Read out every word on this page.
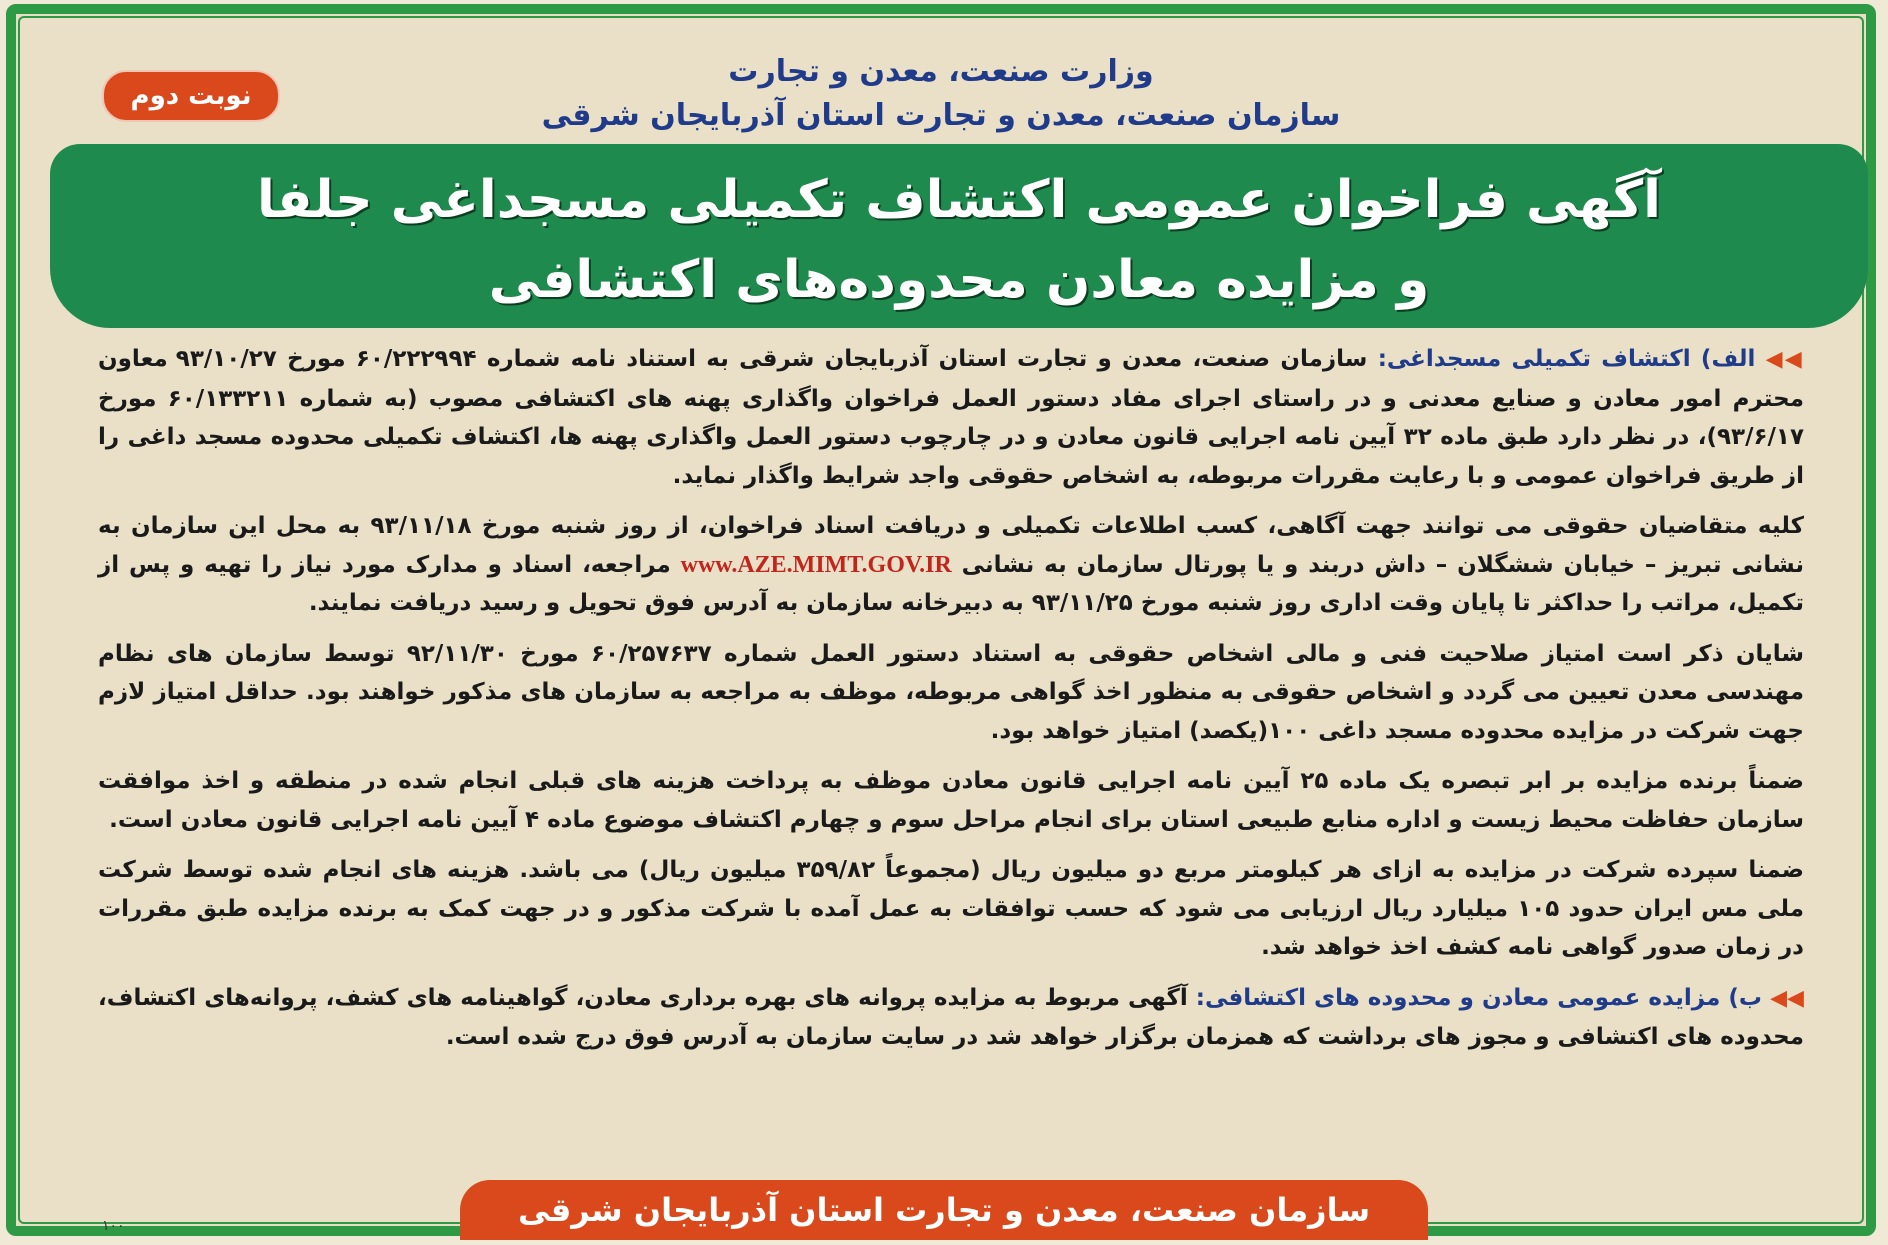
وزارت صنعت، معدن و تجارت
سازمان صنعت، معدن و تجارت استان آذربایجان شرقی
نوبت دوم
آگهی فراخوان عمومی اکتشاف تکمیلی مسجداغی جلفا
و مزایده معادن محدوده‌های اکتشافی

◀◀ الف) اکتشاف تکمیلی مسجداغی: سازمان صنعت، معدن و تجارت استان آذربایجان شرقی به استناد نامه شماره ۶۰/۲۲۲۹۹۴ مورخ ۹۳/۱۰/۲۷ معاون محترم امور معادن و صنایع معدنی و در راستای اجرای مفاد دستور العمل فراخوان واگذاری پهنه های اکتشافی مصوب (به شماره ۶۰/۱۳۳۲۱۱ مورخ ۹۳/۶/۱۷)، در نظر دارد طبق ماده ۳۲ آیین نامه اجرایی قانون معادن و در چارچوب دستور العمل واگذاری پهنه ها، اکتشاف تکمیلی محدوده مسجد داغی را از طریق فراخوان عمومی و با رعایت مقررات مربوطه، به اشخاص حقوقی واجد شرایط واگذار نماید.

کلیه متقاضیان حقوقی می توانند جهت آگاهی، کسب اطلاعات تکمیلی و دریافت اسناد فراخوان، از روز شنبه مورخ ۹۳/۱۱/۱۸ به محل این سازمان به نشانی تبریز – خیابان ششگلان – داش دربند و یا پورتال سازمان به نشانی www.AZE.MIMT.GOV.IR مراجعه، اسناد و مدارک مورد نیاز را تهیه و پس از تکمیل، مراتب را حداکثر تا پایان وقت اداری روز شنبه مورخ ۹۳/۱۱/۲۵ به دبیرخانه سازمان به آدرس فوق تحویل و رسید دریافت نمایند.

شایان ذکر است امتیاز صلاحیت فنی و مالی اشخاص حقوقی به استناد دستور العمل شماره ۶۰/۲۵۷۶۳۷ مورخ ۹۲/۱۱/۳۰ توسط سازمان های نظام مهندسی معدن تعیین می گردد و اشخاص حقوقی به منظور اخذ گواهی مربوطه، موظف به مراجعه به سازمان های مذکور خواهند بود. حداقل امتیاز لازم جهت شرکت در مزایده محدوده مسجد داغی ۱۰۰(یکصد) امتیاز خواهد بود.

ضمناً برنده مزایده بر ابر تبصره یک ماده ۲۵ آیین نامه اجرایی قانون معادن موظف به پرداخت هزینه های قبلی انجام شده در منطقه و اخذ موافقت سازمان حفاظت محیط زیست و اداره منابع طبیعی استان برای انجام مراحل سوم و چهارم اکتشاف موضوع ماده ۴ آیین نامه اجرایی قانون معادن است.

ضمنا سپرده شرکت در مزایده به ازای هر کیلومتر مربع دو میلیون ریال (مجموعاً ۳۵۹/۸۲ میلیون ریال) می باشد. هزینه های انجام شده توسط شرکت ملی مس ایران حدود ۱۰۵ میلیارد ریال ارزیابی می شود که حسب توافقات به عمل آمده با شرکت مذکور و در جهت کمک به برنده مزایده طبق مقررات در زمان صدور گواهی نامه کشف اخذ خواهد شد.

◀◀ ب) مزایده عمومی معادن و محدوده های اکتشافی: آگهی مربوط به مزایده پروانه های بهره برداری معادن، گواهینامه های کشف، پروانه‌های اکتشاف، محدوده های اکتشافی و مجوز های برداشت که همزمان برگزار خواهد شد در سایت سازمان به آدرس فوق درج شده است.

سازمان صنعت، معدن و تجارت استان آذربایجان شرقی
۱۰۰
